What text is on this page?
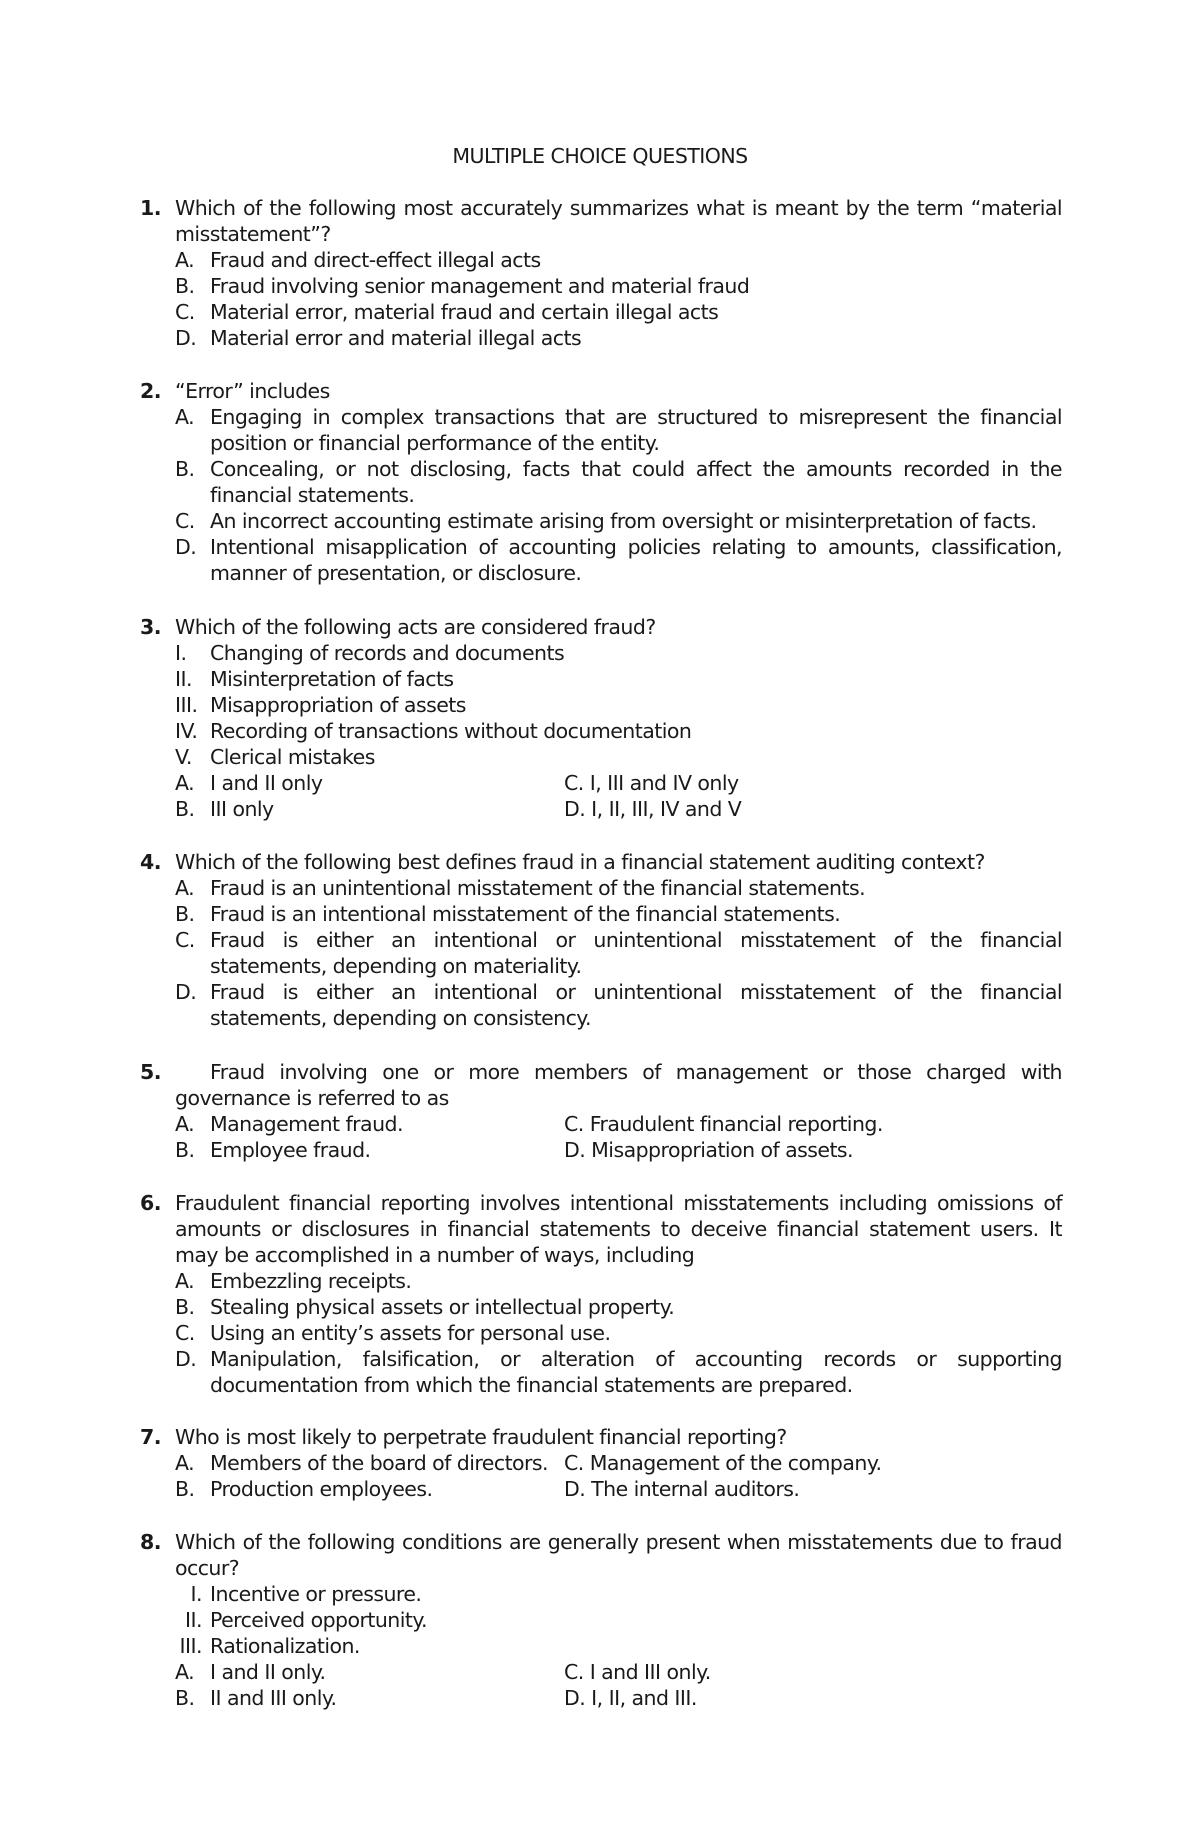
MULTIPLE CHOICE QUESTIONS
1. Which of the following most accurately summarizes what is meant by the term “material misstatement”?
A. Fraud and direct-effect illegal acts
B. Fraud involving senior management and material fraud
C. Material error, material fraud and certain illegal acts
D. Material error and material illegal acts
2. “Error” includes
A. Engaging in complex transactions that are structured to misrepresent the financial position or financial performance of the entity.
B. Concealing, or not disclosing, facts that could affect the amounts recorded in the financial statements.
C. An incorrect accounting estimate arising from oversight or misinterpretation of facts.
D. Intentional misapplication of accounting policies relating to amounts, classification, manner of presentation, or disclosure.
3. Which of the following acts are considered fraud?
I. Changing of records and documents
II. Misinterpretation of facts
III. Misappropriation of assets
IV. Recording of transactions without documentation
V. Clerical mistakes
A. I and II only	C. I, III and IV only
B. III only	D. I, II, III, IV and V
4. Which of the following best defines fraud in a financial statement auditing context?
A. Fraud is an unintentional misstatement of the financial statements.
B. Fraud is an intentional misstatement of the financial statements.
C. Fraud is either an intentional or unintentional misstatement of the financial statements, depending on materiality.
D. Fraud is either an intentional or unintentional misstatement of the financial statements, depending on consistency.
5.	Fraud involving one or more members of management or those charged with governance is referred to as
A. Management fraud.	C. Fraudulent financial reporting.
B. Employee fraud.	D. Misappropriation of assets.
6. Fraudulent financial reporting involves intentional misstatements including omissions of amounts or disclosures in financial statements to deceive financial statement users. It may be accomplished in a number of ways, including
A. Embezzling receipts.
B. Stealing physical assets or intellectual property.
C. Using an entity’s assets for personal use.
D. Manipulation, falsification, or alteration of accounting records or supporting documentation from which the financial statements are prepared.
7. Who is most likely to perpetrate fraudulent financial reporting?
A. Members of the board of directors. C. Management of the company.
B. Production employees.	D. The internal auditors.
8. Which of the following conditions are generally present when misstatements due to fraud occur?
I. Incentive or pressure.
II. Perceived opportunity.
III. Rationalization.
A. I and II only.	C. I and III only.
B. II and III only.	D. I, II, and III.
